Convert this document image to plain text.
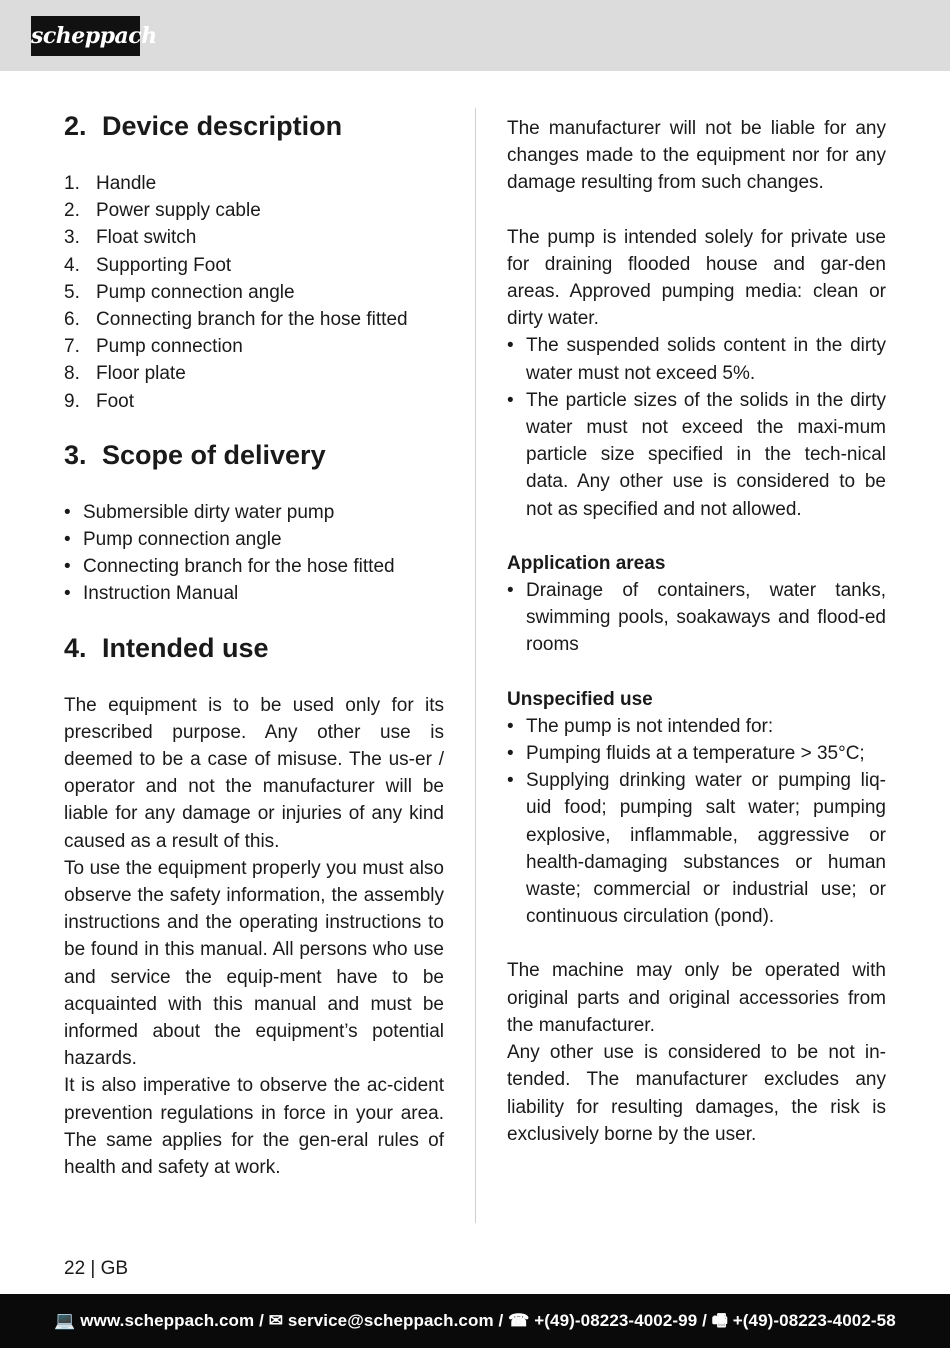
scheppach
2. Device description
1. Handle
2. Power supply cable
3. Float switch
4. Supporting Foot
5. Pump connection angle
6. Connecting branch for the hose fitted
7. Pump connection
8. Floor plate
9. Foot
3. Scope of delivery
• Submersible dirty water pump
• Pump connection angle
• Connecting branch for the hose fitted
• Instruction Manual
4. Intended use

The equipment is to be used only for its prescribed purpose. Any other use is deemed to be a case of misuse. The us-er / operator and not the manufacturer will be liable for any damage or injuries of any kind caused as a result of this.

To use the equipment properly you must also observe the safety information, the assembly instructions and the operating instructions to be found in this manual. All persons who use and service the equip-ment have to be acquainted with this manual and must be informed about the equipment’s potential hazards.

It is also imperative to observe the ac-cident prevention regulations in force in your area. The same applies for the gen-eral rules of health and safety at work.

The manufacturer will not be liable for any changes made to the equipment nor for any damage resulting from such changes.

The pump is intended solely for private use for draining flooded house and gar-den areas. Approved pumping media: clean or dirty water.

• The suspended solids content in the dirty water must not exceed 5%.
• The particle sizes of the solids in the dirty water must not exceed the maxi-mum particle size specified in the tech-nical data. Any other use is considered to be not as specified and not allowed.

Application areas

• Drainage of containers, water tanks, swimming pools, soakaways and flood-ed rooms

Unspecified use

• The pump is not intended for:
• Pumping fluids at a temperature > 35°C;
• Supplying drinking water or pumping liq-uid food; pumping salt water; pumping explosive, inflammable, aggressive or health-damaging substances or human waste; commercial or industrial use; or continuous circulation (pond).

The machine may only be operated with original parts and original accessories from the manufacturer.

Any other use is considered to be not in-tended. The manufacturer excludes any liability for resulting damages, the risk is exclusively borne by the user.

22 | GB
💻 www.scheppach.com / ✉ service@scheppach.com / ☎ +(49)-08223-4002-99 / 🖷 +(49)-08223-4002-58
